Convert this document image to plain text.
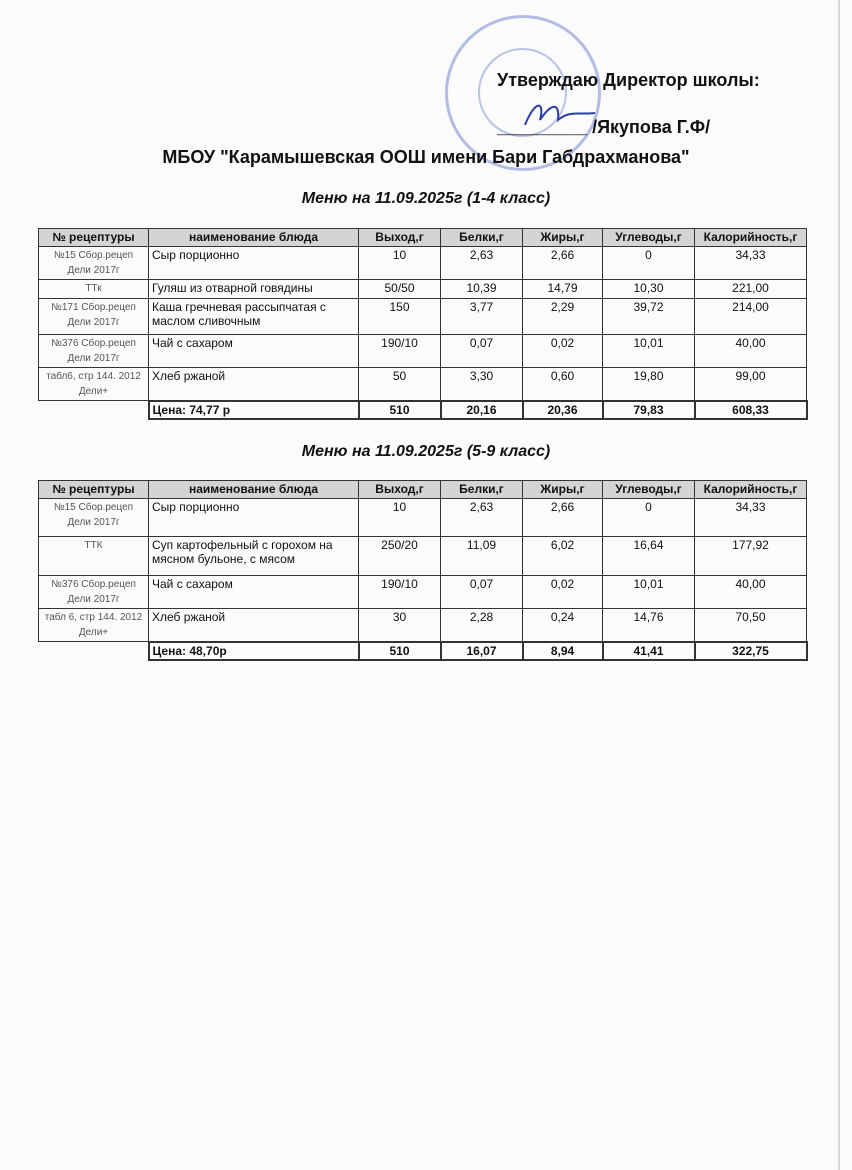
Утверждаю Директор школы:
_________ /Якупова Г.Ф/
МБОУ "Карамышевская ООШ имени Бари Габдрахманова"
Меню на 11.09.2025г (1-4 класс)
№ рецептуры	наименование блюда	Выход,г	Белки,г	Жиры,г	Углеводы,г	Калорийность,г
№15 Сбор.рецеп Дели 2017г	Сыр порционно	10	2,63	2,66	0	34,33
ТТк	Гуляш из отварной говядины	50/50	10,39	14,79	10,30	221,00
№171 Сбор.рецеп Дели 2017г	Каша гречневая рассыпчатая с маслом сливочным	150	3,77	2,29	39,72	214,00
№376 Сбор.рецеп Дели 2017г	Чай с сахаром	190/10	0,07	0,02	10,01	40,00
табл6, стр 144. 2012 Дели+	Хлеб ржаной	50	3,30	0,60	19,80	99,00
	Цена: 74,77 р	510	20,16	20,36	79,83	608,33
Меню на 11.09.2025г (5-9 класс)
№ рецептуры	наименование блюда	Выход,г	Белки,г	Жиры,г	Углеводы,г	Калорийность,г
№15 Сбор.рецеп Дели 2017г	Сыр порционно	10	2,63	2,66	0	34,33
ТТК	Суп картофельный с горохом на мясном бульоне, с мясом	250/20	11,09	6,02	16,64	177,92
№376 Сбор.рецеп Дели 2017г	Чай с сахаром	190/10	0,07	0,02	10,01	40,00
табл 6, стр 144. 2012 Дели+	Хлеб ржаной	30	2,28	0,24	14,76	70,50
	Цена: 48,70р	510	16,07	8,94	41,41	322,75
